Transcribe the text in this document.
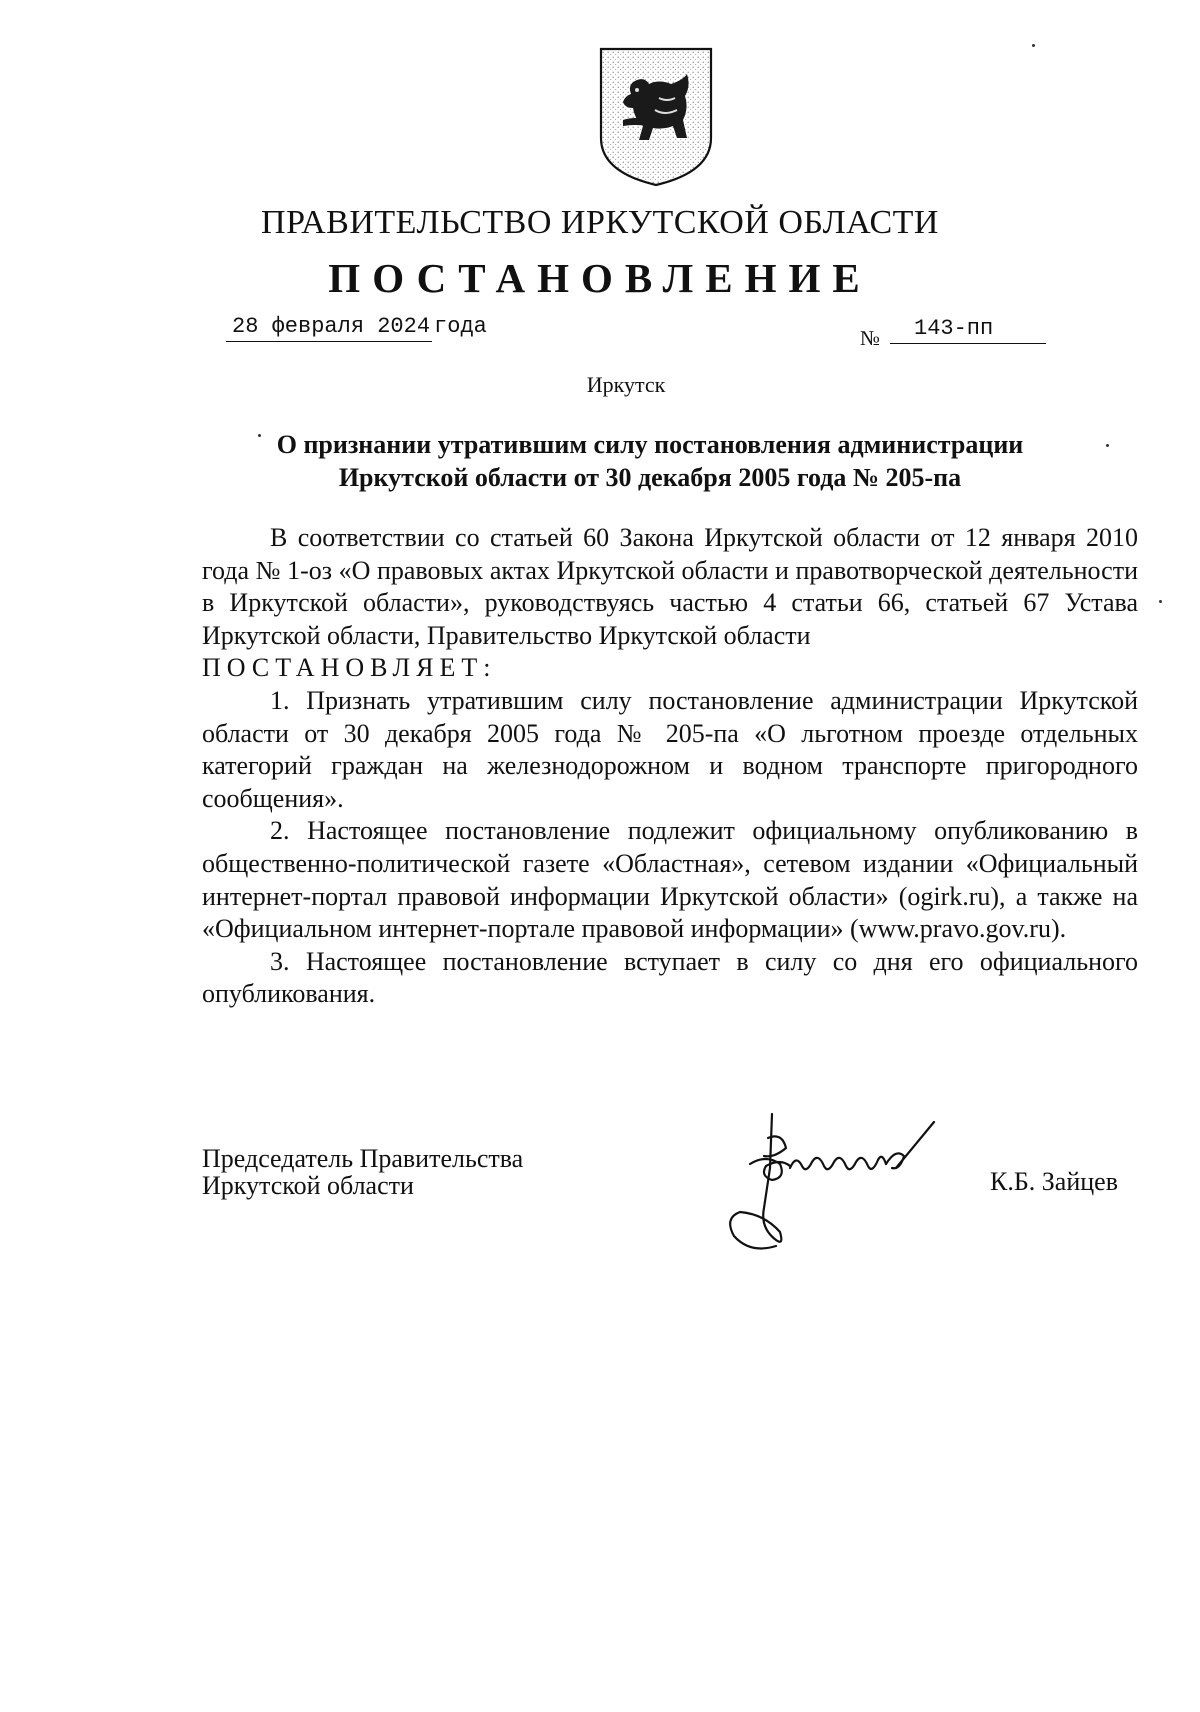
ПРАВИТЕЛЬСТВО ИРКУТСКОЙ ОБЛАСТИ
ПОСТАНОВЛЕНИЕ
28 февраля 2024 года	№	143-пп
Иркутск
О признании утратившим силу постановления администрации
Иркутской области от 30 декабря 2005 года № 205-па

В соответствии со статьей 60 Закона Иркутской области от 12 января 2010 года № 1-оз «О правовых актах Иркутской области и правотворческой деятельности в Иркутской области», руководствуясь частью 4 статьи 66, статьей 67 Устава Иркутской области, Правительство Иркутской области

ПОСТАНОВЛЯЕТ:

1. Признать утратившим силу постановление администрации Иркутской области от 30 декабря 2005 года № 205-па «О льготном проезде отдельных категорий граждан на железнодорожном и водном транспорте пригородного сообщения».

2. Настоящее постановление подлежит официальному опубликованию в общественно-политической газете «Областная», сетевом издании «Официальный интернет-портал правовой информации Иркутской области» (ogirk.ru), а также на «Официальном интернет-портале правовой информации» (www.pravo.gov.ru).

3. Настоящее постановление вступает в силу со дня его официального опубликования.

Председатель Правительства
Иркутской области	К.Б. Зайцев
